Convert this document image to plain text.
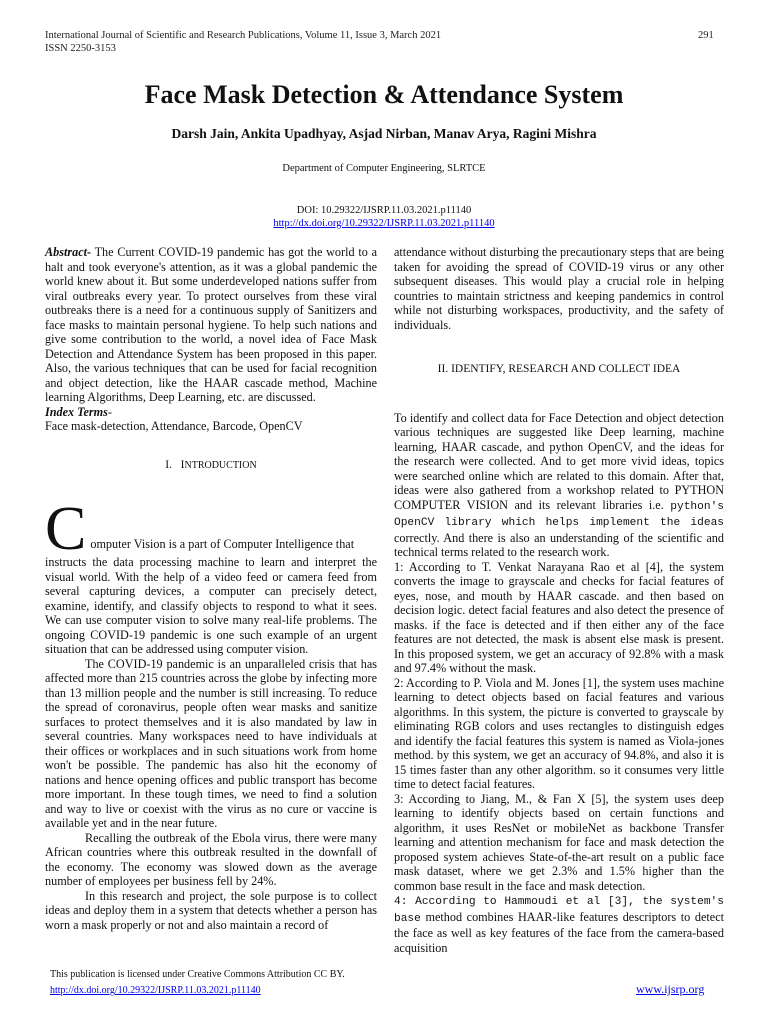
International Journal of Scientific and Research Publications, Volume 11, Issue 3, March 2021
ISSN 2250-3153
291
Face Mask Detection & Attendance System
Darsh Jain, Ankita Upadhyay, Asjad Nirban, Manav Arya, Ragini Mishra
Department of Computer Engineering, SLRTCE
DOI: 10.29322/IJSRP.11.03.2021.p11140
http://dx.doi.org/10.29322/IJSRP.11.03.2021.p11140

Abstract- The Current COVID-19 pandemic has got the world to a halt and took everyone's attention, as it was a global pandemic the world knew about it. But some underdeveloped nations suffer from viral outbreaks every year. To protect ourselves from these viral outbreaks there is a need for a continuous supply of Sanitizers and face masks to maintain personal hygiene. To help such nations and give some contribution to the world, a novel idea of Face Mask Detection and Attendance System has been proposed in this paper. Also, the various techniques that can be used for facial recognition and object detection, like the HAAR cascade method, Machine learning Algorithms, Deep Learning, etc. are discussed.

Index Terms-

Face mask-detection, Attendance, Barcode, OpenCV

I. INTRODUCTION

C omputer Vision is a part of Computer Intelligence that
instructs the data processing machine to learn and interpret the visual world. With the help of a video feed or camera feed from several capturing devices, a computer can precisely detect, examine, identify, and classify objects to respond to what it sees. We can use computer vision to solve many real-life problems. The ongoing COVID-19 pandemic is one such example of an urgent situation that can be addressed using computer vision.

The COVID-19 pandemic is an unparalleled crisis that has affected more than 215 countries across the globe by infecting more than 13 million people and the number is still increasing. To reduce the spread of coronavirus, people often wear masks and sanitize surfaces to protect themselves and it is also mandated by law in several countries. Many workspaces need to have individuals at their offices or workplaces and in such situations work from home won't be possible. The pandemic has also hit the economy of nations and hence opening offices and public transport has become more important. In these tough times, we need to find a solution and way to live or coexist with the virus as no cure or vaccine is available yet and in the near future.

Recalling the outbreak of the Ebola virus, there were many African countries where this outbreak resulted in the downfall of the economy. The economy was slowed down as the average number of employees per business fell by 24%.

In this research and project, the sole purpose is to collect ideas and deploy them in a system that detects whether a person has worn a mask properly or not and also maintain a record of

attendance without disturbing the precautionary steps that are being taken for avoiding the spread of COVID-19 virus or any other subsequent diseases. This would play a crucial role in helping countries to maintain strictness and keeping pandemics in control while not disturbing workspaces, productivity, and the safety of individuals.

II. IDENTIFY, RESEARCH AND COLLECT IDEA

To identify and collect data for Face Detection and object detection various techniques are suggested like Deep learning, machine learning, HAAR cascade, and python OpenCV, and the ideas for the research were collected. And to get more vivid ideas, topics were searched online which are related to this domain. After that, ideas were also gathered from a workshop related to PYTHON COMPUTER VISION and its relevant libraries i.e. python's OpenCV library which helps implement the ideas correctly. And there is also an understanding of the scientific and technical terms related to the research work.

1: According to T. Venkat Narayana Rao et al [4], the system converts the image to grayscale and checks for facial features of eyes, nose, and mouth by HAAR cascade. and then based on decision logic. detect facial features and also detect the presence of masks. if the face is detected and if then either any of the face features are not detected, the mask is absent else mask is present. In this proposed system, we get an accuracy of 92.8% with a mask and 97.4% without the mask.

2: According to P. Viola and M. Jones [1], the system uses machine learning to detect objects based on facial features and various algorithms. In this system, the picture is converted to grayscale by eliminating RGB colors and uses rectangles to distinguish edges and identify the facial features this system is named as Viola-jones method. by this system, we get an accuracy of 94.8%, and also it is 15 times faster than any other algorithm. so it consumes very little time to detect facial features.

3: According to Jiang, M., & Fan X [5], the system uses deep learning to identify objects based on certain functions and algorithm, it uses ResNet or mobileNet as backbone Transfer learning and attention mechanism for face and mask detection the proposed system achieves State-of-the-art result on a public face mask dataset, where we get 2.3% and 1.5% higher than the common base result in the face and mask detection.

4: According to Hammoudi et al [3], the system's base method combines HAAR-like features descriptors to detect the face as well as key features of the face from the camera-based acquisition

This publication is licensed under Creative Commons Attribution CC BY.
http://dx.doi.org/10.29322/IJSRP.11.03.2021.p11140	www.ijsrp.org
